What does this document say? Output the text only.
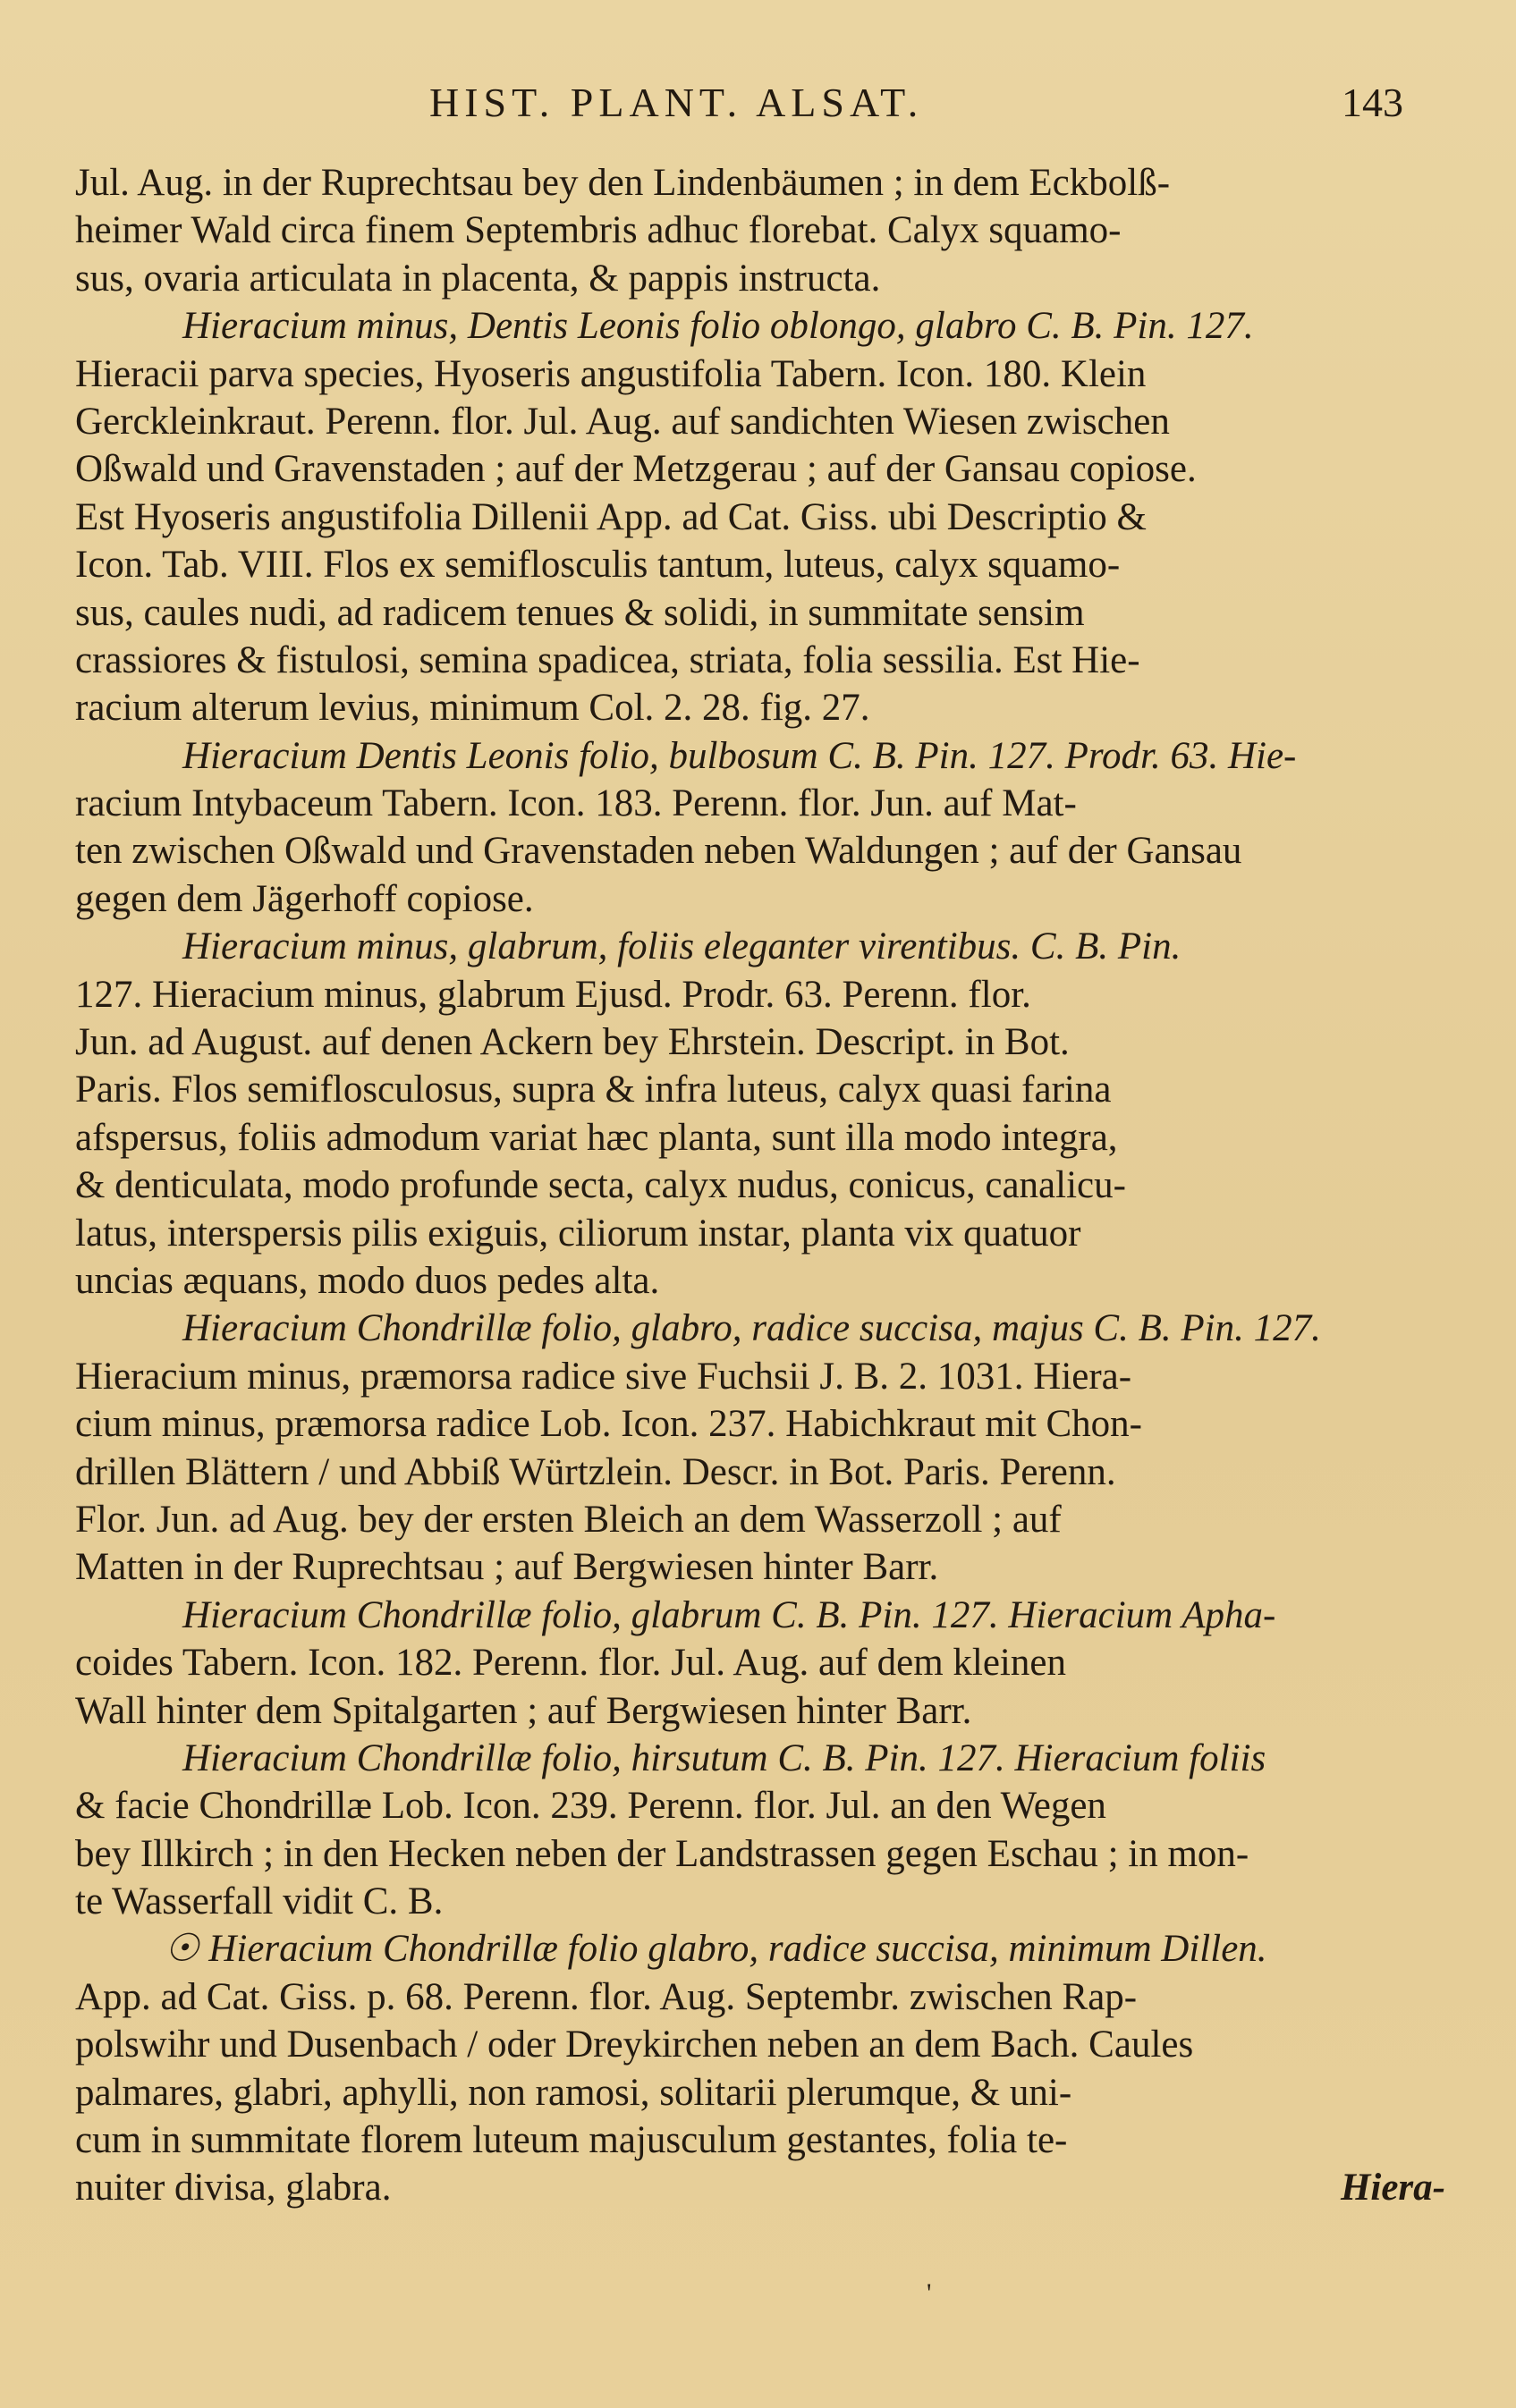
HIST. PLANT. ALSAT.	143
Jul. Aug. in der Ruprechtsau bey den Lindenbäumen ; in dem Eckbolß-
heimer Wald circa finem Septembris adhuc florebat. Calyx squamo-
sus, ovaria articulata in placenta, & pappis instructa.
Hieracium minus, Dentis Leonis folio oblongo, glabro C. B. Pin. 127.
Hieracii parva species, Hyoseris angustifolia Tabern. Icon. 180. Klein
Gerckleinkraut. Perenn. flor. Jul. Aug. auf sandichten Wiesen zwischen
Oßwald und Gravenstaden ; auf der Metzgerau ; auf der Gansau copiose.
Est Hyoseris angustifolia Dillenii App. ad Cat. Giss. ubi Descriptio &
Icon. Tab. VIII. Flos ex semiflosculis tantum, luteus, calyx squamo-
sus, caules nudi, ad radicem tenues & solidi, in summitate sensim
crassiores & fistulosi, semina spadicea, striata, folia sessilia. Est Hie-
racium alterum levius, minimum Col. 2. 28. fig. 27.
Hieracium Dentis Leonis folio, bulbosum C. B. Pin. 127. Prodr. 63. Hie-
racium Intybaceum Tabern. Icon. 183. Perenn. flor. Jun. auf Mat-
ten zwischen Oßwald und Gravenstaden neben Waldungen ; auf der Gansau
gegen dem Jägerhoff copiose.
Hieracium minus, glabrum, foliis eleganter virentibus. C. B. Pin.
127. Hieracium minus, glabrum Ejusd. Prodr. 63. Perenn. flor.
Jun. ad August. auf denen Ackern bey Ehrstein. Descript. in Bot.
Paris. Flos semiflosculosus, supra & infra luteus, calyx quasi farina
afspersus, foliis admodum variat hæc planta, sunt illa modo integra,
& denticulata, modo profunde secta, calyx nudus, conicus, canalicu-
latus, interspersis pilis exiguis, ciliorum instar, planta vix quatuor
uncias æquans, modo duos pedes alta.
Hieracium Chondrillæ folio, glabro, radice succisa, majus C. B. Pin. 127.
Hieracium minus, præmorsa radice sive Fuchsii J. B. 2. 1031. Hiera-
cium minus, præmorsa radice Lob. Icon. 237. Habichkraut mit Chon-
drillen Blättern / und Abbiß Würtzlein. Descr. in Bot. Paris. Perenn.
Flor. Jun. ad Aug. bey der ersten Bleich an dem Wasserzoll ; auf
Matten in der Ruprechtsau ; auf Bergwiesen hinter Barr.
Hieracium Chondrillæ folio, glabrum C. B. Pin. 127. Hieracium Apha-
coides Tabern. Icon. 182. Perenn. flor. Jul. Aug. auf dem kleinen
Wall hinter dem Spitalgarten ; auf Bergwiesen hinter Barr.
Hieracium Chondrillæ folio, hirsutum C. B. Pin. 127. Hieracium foliis
& facie Chondrillæ Lob. Icon. 239. Perenn. flor. Jul. an den Wegen
bey Illkirch ; in den Hecken neben der Landstrassen gegen Eschau ; in mon-
te Wasserfall vidit C. B.
☉ Hieracium Chondrillæ folio glabro, radice succisa, minimum Dillen.
App. ad Cat. Giss. p. 68. Perenn. flor. Aug. Septembr. zwischen Rap-
polswihr und Dusenbach / oder Dreykirchen neben an dem Bach. Caules
palmares, glabri, aphylli, non ramosi, solitarii plerumque, & uni-
cum in summitate florem luteum majusculum gestantes, folia te-
nuiter divisa, glabra.	Hiera-
'
